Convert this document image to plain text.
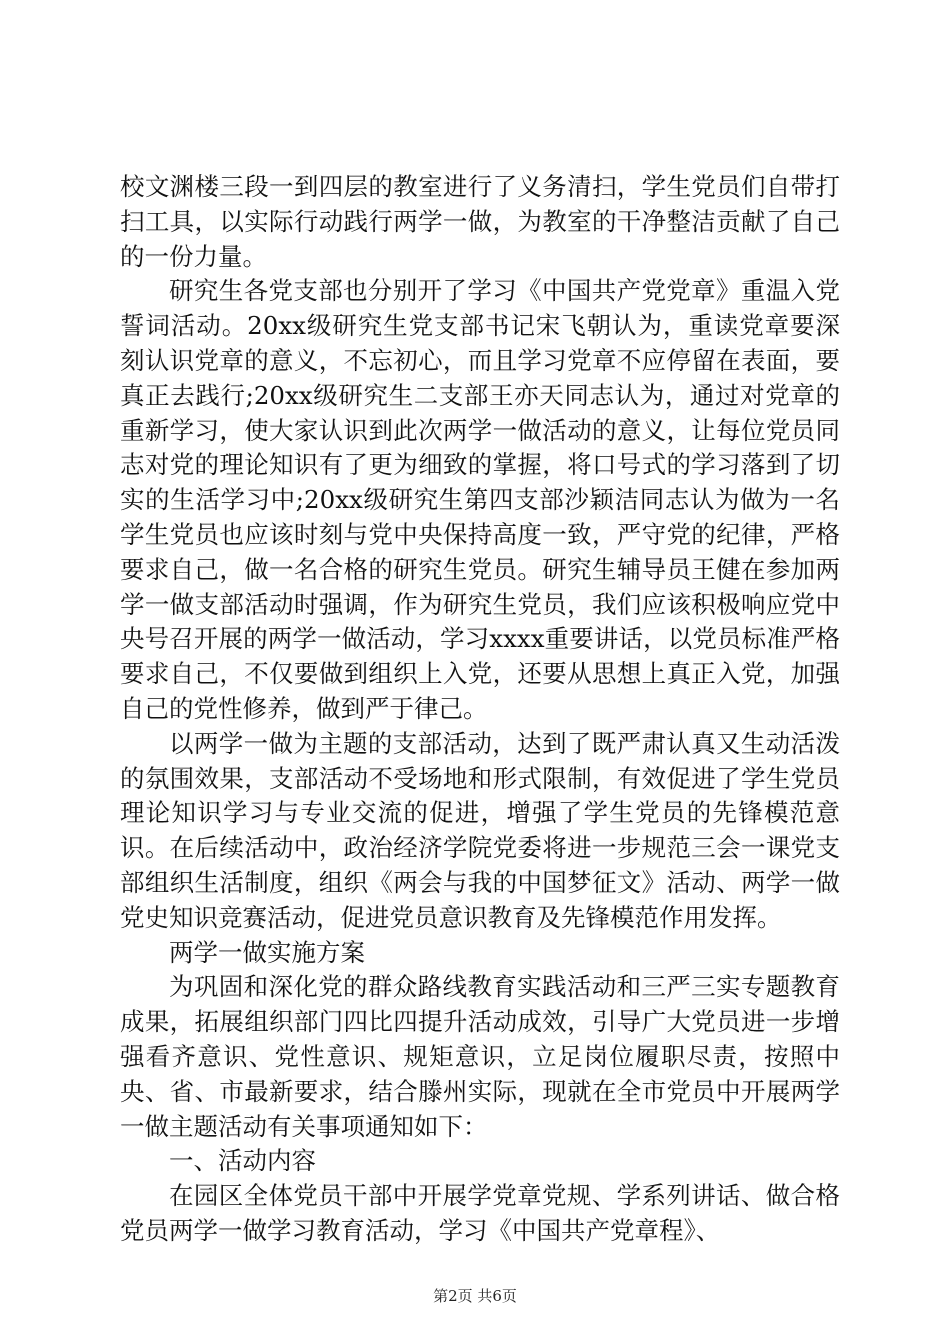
校文渊楼三段一到四层的教室进行了义务清扫，学生党员们自带打扫工具，以实际行动践行两学一做，为教室的干净整洁贡献了自己的一份力量。

研究生各党支部也分别开了学习《中国共产党党章》重温入党誓词活动。20xx级研究生党支部书记宋飞朝认为，重读党章要深刻认识党章的意义，不忘初心，而且学习党章不应停留在表面，要真正去践行;20xx级研究生二支部王亦天同志认为，通过对党章的重新学习，使大家认识到此次两学一做活动的意义，让每位党员同志对党的理论知识有了更为细致的掌握，将口号式的学习落到了切实的生活学习中;20xx级研究生第四支部沙颖洁同志认为做为一名学生党员也应该时刻与党中央保持高度一致，严守党的纪律，严格要求自己，做一名合格的研究生党员。研究生辅导员王健在参加两学一做支部活动时强调，作为研究生党员，我们应该积极响应党中央号召开展的两学一做活动，学习xxxx重要讲话，以党员标准严格要求自己，不仅要做到组织上入党，还要从思想上真正入党，加强自己的党性修养，做到严于律己。

以两学一做为主题的支部活动，达到了既严肃认真又生动活泼的氛围效果，支部活动不受场地和形式限制，有效促进了学生党员理论知识学习与专业交流的促进，增强了学生党员的先锋模范意识。在后续活动中，政治经济学院党委将进一步规范三会一课党支部组织生活制度，组织《两会与我的中国梦征文》活动、两学一做党史知识竞赛活动，促进党员意识教育及先锋模范作用发挥。

两学一做实施方案

为巩固和深化党的群众路线教育实践活动和三严三实专题教育成果，拓展组织部门四比四提升活动成效，引导广大党员进一步增强看齐意识、党性意识、规矩意识，立足岗位履职尽责，按照中央、省、市最新要求，结合滕州实际，现就在全市党员中开展两学一做主题活动有关事项通知如下：

一、活动内容

在园区全体党员干部中开展学党章党规、学系列讲话、做合格党员两学一做学习教育活动，学习《中国共产党章程》、

第2页 共6页
